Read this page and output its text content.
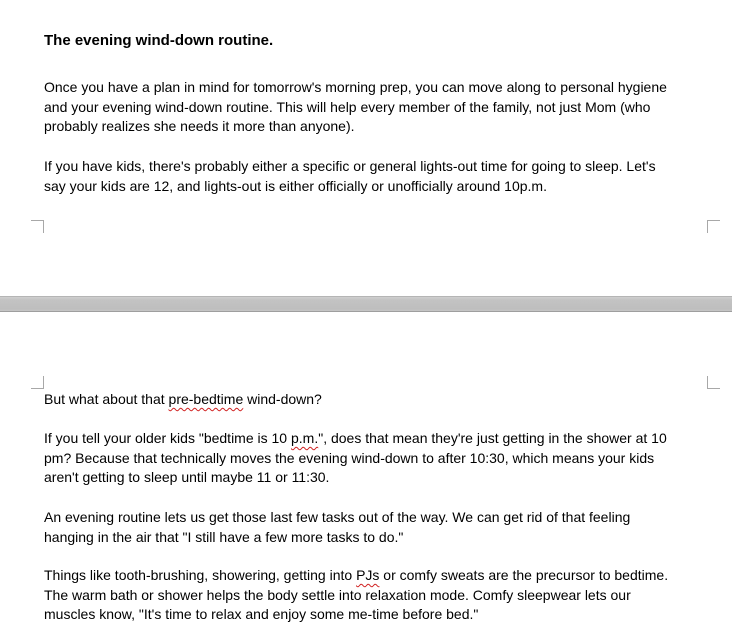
The evening wind-down routine.

Once you have a plan in mind for tomorrow's morning prep, you can move along to personal hygiene
and your evening wind-down routine. This will help every member of the family, not just Mom (who
probably realizes she needs it more than anyone).

If you have kids, there's probably either a specific or general lights-out time for going to sleep. Let's
say your kids are 12, and lights-out is either officially or unofficially around 10p.m.

But what about that pre-bedtime wind-down?

If you tell your older kids "bedtime is 10 p.m.", does that mean they're just getting in the shower at 10
pm? Because that technically moves the evening wind-down to after 10:30, which means your kids
aren't getting to sleep until maybe 11 or 11:30.

An evening routine lets us get those last few tasks out of the way. We can get rid of that feeling
hanging in the air that "I still have a few more tasks to do."

Things like tooth-brushing, showering, getting into PJs or comfy sweats are the precursor to bedtime.
The warm bath or shower helps the body settle into relaxation mode. Comfy sleepwear lets our
muscles know, "It's time to relax and enjoy some me-time before bed."
